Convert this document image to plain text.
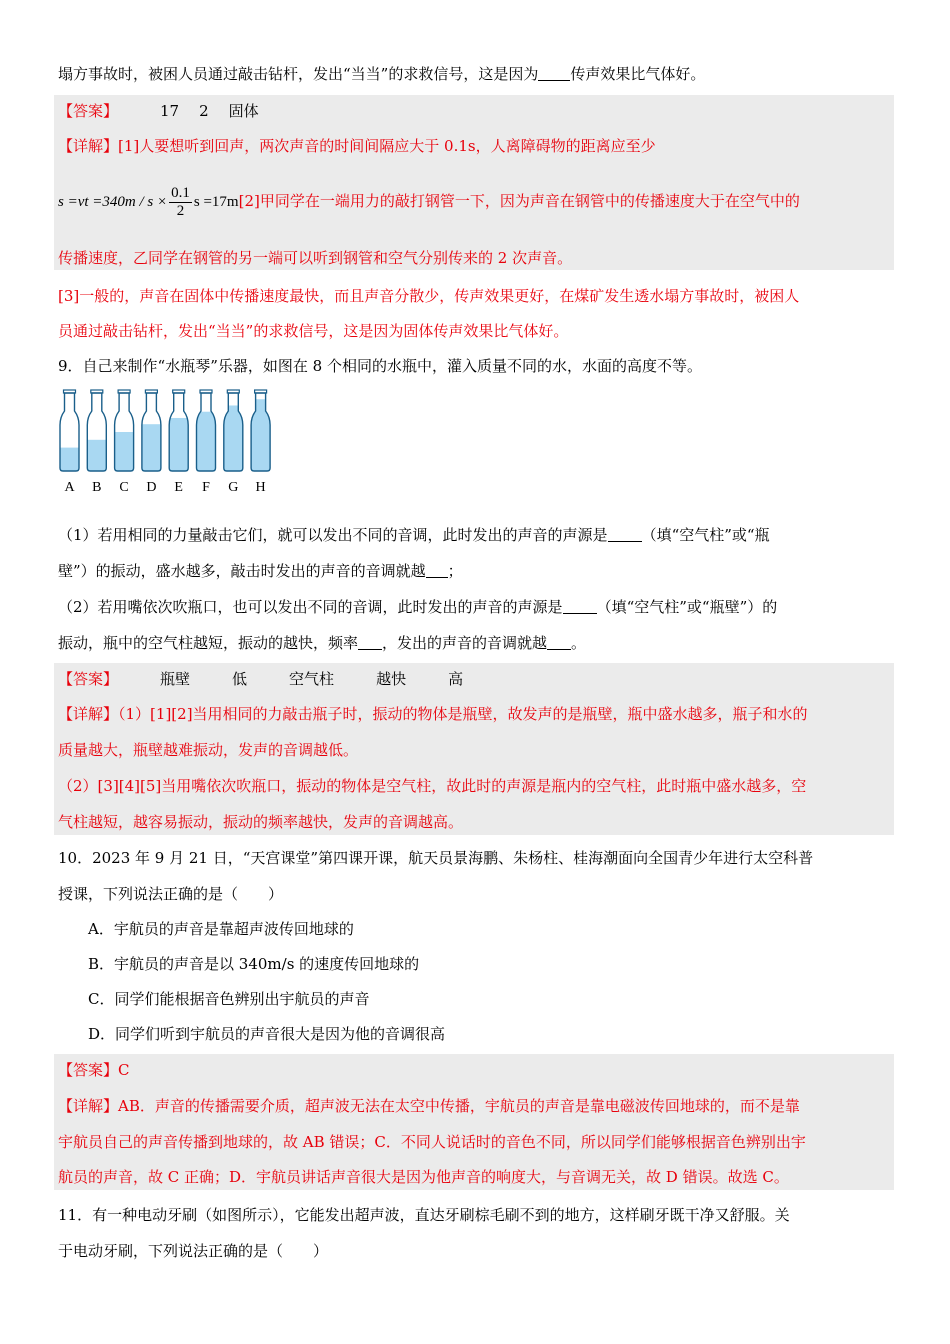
塌方事故时，被困人员通过敲击钻杆，发出“当当”的求救信号，这是因为 传声效果比气体好。
【答案】	17 2 固体
【详解】[1]人要想听到回声，两次声音的时间间隔应大于 0.1s，人离障碍物的距离应至少
$s =vt =340m / s \times \frac{0.1}{2}$ s =17m[2]甲同学在一端用力的敲打钢管一下，因为声音在钢管中的传播速度大于在空气中的
传播速度，乙同学在钢管的另一端可以听到钢管和空气分别传来的 2 次声音。
[3]一般的，声音在固体中传播速度最快，而且声音分散少，传声效果更好，在煤矿发生透水塌方事故时，被困人
员通过敲击钻杆，发出“当当”的求救信号，这是因为固体传声效果比气体好。
9．自己来制作“水瓶琴”乐器，如图在 8 个相同的水瓶中，灌入质量不同的水，水面的高度不等。
A B C D E F G H
（1）若用相同的力量敲击它们，就可以发出不同的音调，此时发出的声音的声源是 （填“空气柱”或“瓶
壁”）的振动，盛水越多，敲击时发出的声音的音调就越 ；
（2）若用嘴依次吹瓶口，也可以发出不同的音调，此时发出的声音的声源是 （填“空气柱”或“瓶壁”）的
振动，瓶中的空气柱越短，振动的越快，频率 ，发出的声音的音调就越 。
【答案】	瓶壁	低	空气柱	越快	高
【详解】（1）[1][2]当用相同的力敲击瓶子时，振动的物体是瓶壁，故发声的是瓶壁，瓶中盛水越多，瓶子和水的
质量越大，瓶壁越难振动，发声的音调越低。
（2）[3][4][5]当用嘴依次吹瓶口，振动的物体是空气柱，故此时的声源是瓶内的空气柱，此时瓶中盛水越多，空
气柱越短，越容易振动，振动的频率越快，发声的音调越高。
10．2023 年 9 月 21 日，“天宫课堂”第四课开课，航天员景海鹏、朱杨柱、桂海潮面向全国青少年进行太空科普
授课，下列说法正确的是（　　）
A．宇航员的声音是靠超声波传回地球的
B．宇航员的声音是以 340m/s 的速度传回地球的
C．同学们能根据音色辨别出宇航员的声音
D．同学们听到宇航员的声音很大是因为他的音调很高
【答案】C
【详解】AB．声音的传播需要介质，超声波无法在太空中传播，宇航员的声音是靠电磁波传回地球的，而不是靠
宇航员自己的声音传播到地球的，故 AB 错误；C．不同人说话时的音色不同，所以同学们能够根据音色辨别出宇
航员的声音，故 C 正确；D．宇航员讲话声音很大是因为他声音的响度大，与音调无关，故 D 错误。故选 C。
11．有一种电动牙刷（如图所示），它能发出超声波，直达牙刷棕毛刷不到的地方，这样刷牙既干净又舒服。关
于电动牙刷，下列说法正确的是（　　）
